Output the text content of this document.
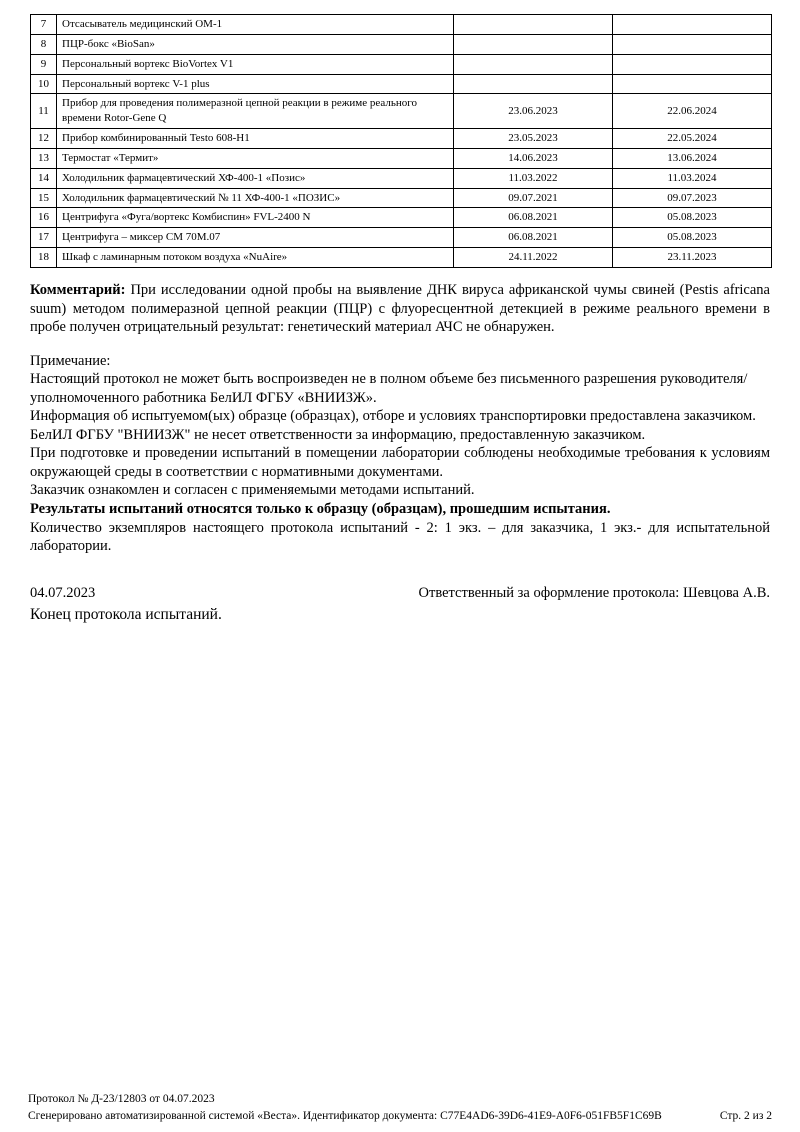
7	Отсасыватель медицинский ОМ-1		
8	ПЦР-бокс «BioSan»		
9	Персональный вортекс BioVortex V1		
10	Персональный вортекс V-1 plus		
11	Прибор для проведения полимеразной цепной реакции в режиме реального времени Rotor-Gene Q	23.06.2023	22.06.2024
12	Прибор комбинированный Testo 608-H1	23.05.2023	22.05.2024
13	Термостат «Термит»	14.06.2023	13.06.2024
14	Холодильник фармацевтический ХФ-400-1 «Позис»	11.03.2022	11.03.2024
15	Холодильник фармацевтический № 11 ХФ-400-1 «ПОЗИС»	09.07.2021	09.07.2023
16	Центрифуга «Фуга/вортекс Комбиспин» FVL-2400 N	06.08.2021	05.08.2023
17	Центрифуга – миксер СМ 70М.07	06.08.2021	05.08.2023
18	Шкаф с ламинарным потоком воздуха «NuAire»	24.11.2022	23.11.2023

Комментарий: При исследовании одной пробы на выявление ДНК вируса африканской чумы свиней (Pestis africana suum) методом полимеразной цепной реакции (ПЦР) с флуоресцентной детекцией в режиме реального времени в пробе получен отрицательный результат: генетический материал АЧС не обнаружен.

Примечание:

Настоящий протокол не может быть воспроизведен не в полном объеме без письменного разрешения руководителя/уполномоченного работника БелИЛ ФГБУ «ВНИИЗЖ».

Информация об испытуемом(ых) образце (образцах), отборе и условиях транспортировки предоставлена заказчиком.

БелИЛ ФГБУ "ВНИИЗЖ" не несет ответственности за информацию, предоставленную заказчиком.

При подготовке и проведении испытаний в помещении лаборатории соблюдены необходимые требования к условиям окружающей среды в соответствии с нормативными документами.

Заказчик ознакомлен и согласен с применяемыми методами испытаний.

Результаты испытаний относятся только к образцу (образцам), прошедшим испытания.

Количество экземпляров настоящего протокола испытаний - 2: 1 экз. – для заказчика, 1 экз.- для испытательной лаборатории.

04.07.2023	Ответственный за оформление протокола: Шевцова А.В.

Конец протокола испытаний.

Протокол № Д-23/12803 от 04.07.2023
Сгенерировано автоматизированной системой «Веста». Идентификатор документа: C77E4AD6-39D6-41E9-A0F6-051FB5F1C69B	Стр. 2 из 2
